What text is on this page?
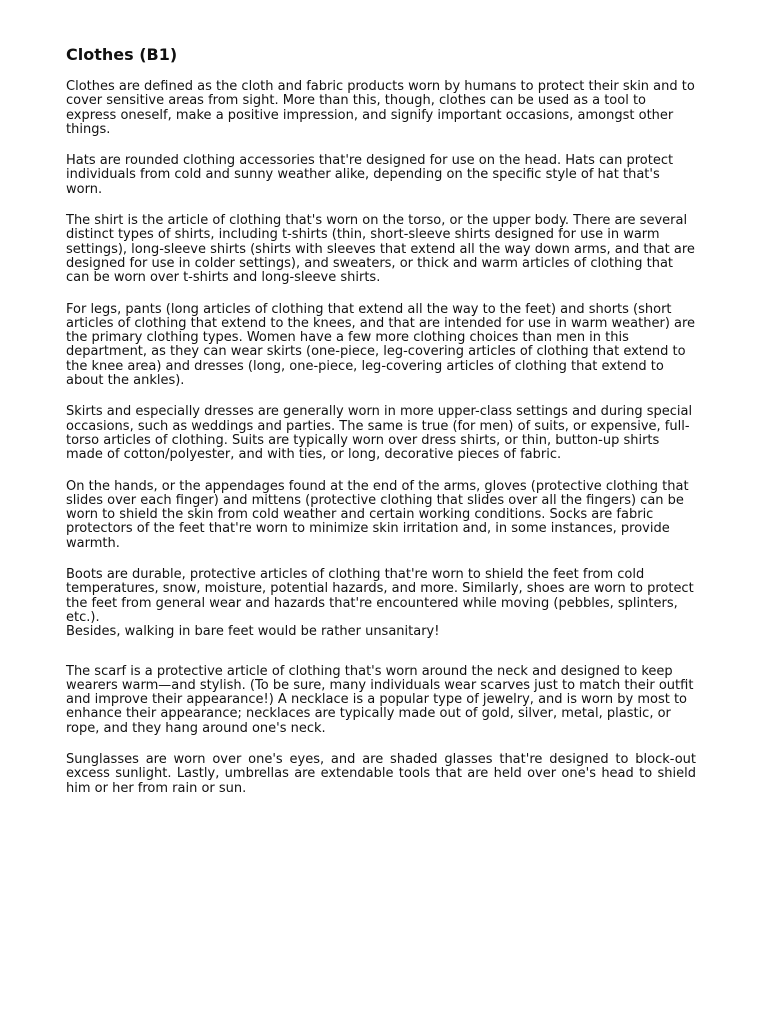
Clothes (B1)

Clothes are defined as the cloth and fabric products worn by humans to protect their skin and to cover sensitive areas from sight. More than this, though, clothes can be used as a tool to express oneself, make a positive impression, and signify important occasions, amongst other things.

Hats are rounded clothing accessories that're designed for use on the head. Hats can protect individuals from cold and sunny weather alike, depending on the specific style of hat that's worn.

The shirt is the article of clothing that's worn on the torso, or the upper body. There are several distinct types of shirts, including t-shirts (thin, short-sleeve shirts designed for use in warm settings), long-sleeve shirts (shirts with sleeves that extend all the way down arms, and that are designed for use in colder settings), and sweaters, or thick and warm articles of clothing that can be worn over t-shirts and long-sleeve shirts.

For legs, pants (long articles of clothing that extend all the way to the feet) and shorts (short articles of clothing that extend to the knees, and that are intended for use in warm weather) are the primary clothing types. Women have a few more clothing choices than men in this department, as they can wear skirts (one-piece, leg-covering articles of clothing that extend to the knee area) and dresses (long, one-piece, leg-covering articles of clothing that extend to about the ankles).

Skirts and especially dresses are generally worn in more upper-class settings and during special occasions, such as weddings and parties. The same is true (for men) of suits, or expensive, full-torso articles of clothing. Suits are typically worn over dress shirts, or thin, button-up shirts made of cotton/polyester, and with ties, or long, decorative pieces of fabric.

On the hands, or the appendages found at the end of the arms, gloves (protective clothing that slides over each finger) and mittens (protective clothing that slides over all the fingers) can be worn to shield the skin from cold weather and certain working conditions. Socks are fabric protectors of the feet that're worn to minimize skin irritation and, in some instances, provide warmth.

Boots are durable, protective articles of clothing that're worn to shield the feet from cold temperatures, snow, moisture, potential hazards, and more. Similarly, shoes are worn to protect the feet from general wear and hazards that're encountered while moving (pebbles, splinters, etc.).

Besides, walking in bare feet would be rather unsanitary!

The scarf is a protective article of clothing that's worn around the neck and designed to keep wearers warm—and stylish. (To be sure, many individuals wear scarves just to match their outfit and improve their appearance!) A necklace is a popular type of jewelry, and is worn by most to enhance their appearance; necklaces are typically made out of gold, silver, metal, plastic, or rope, and they hang around one's neck.

Sunglasses are worn over one's eyes, and are shaded glasses that're designed to block-out excess sunlight. Lastly, umbrellas are extendable tools that are held over one's head to shield him or her from rain or sun.
